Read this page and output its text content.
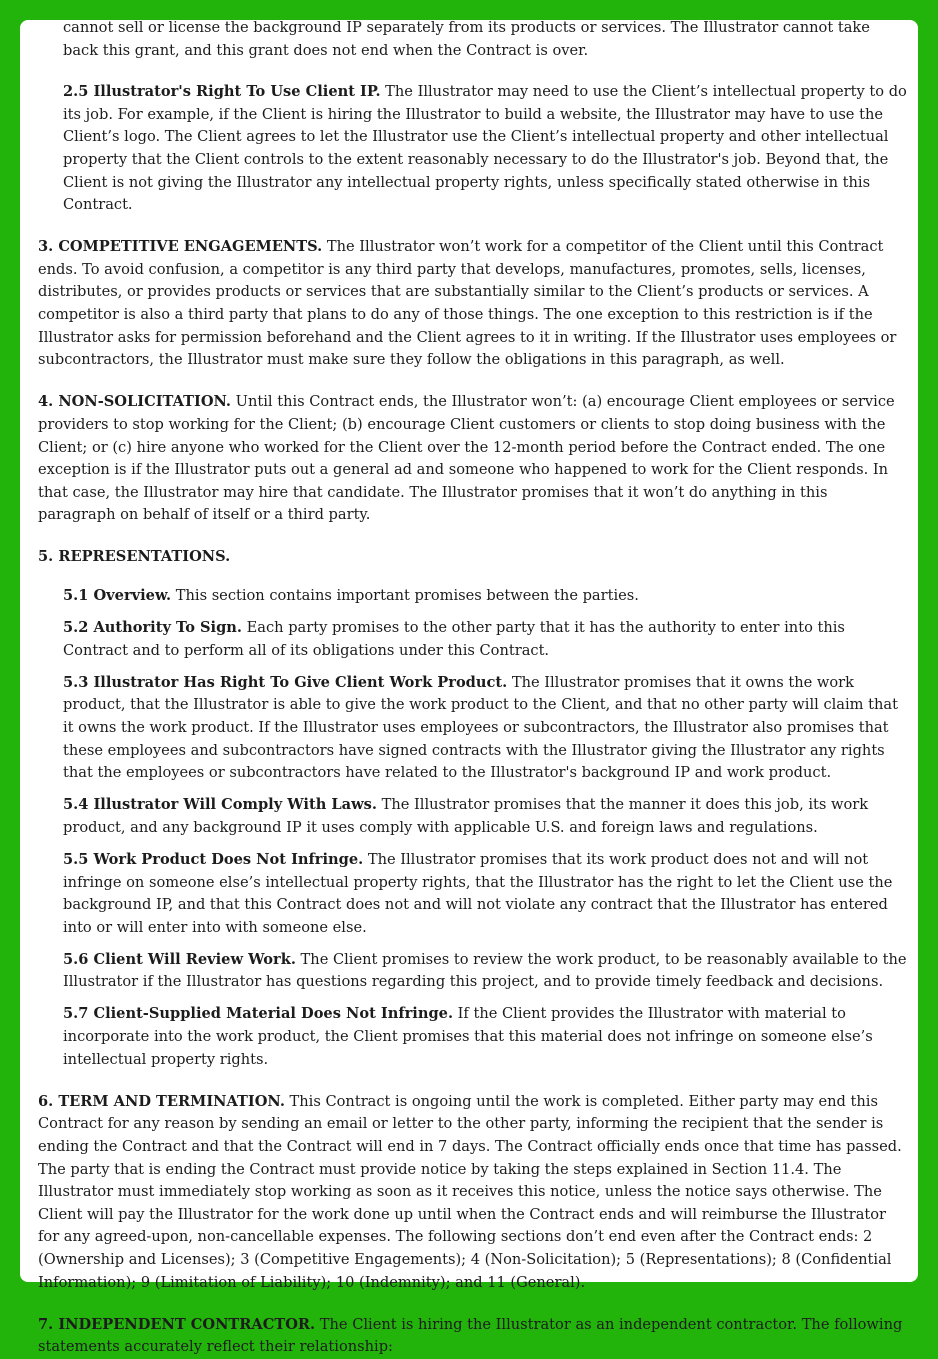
cannot sell or license the background IP separately from its products or services. The Illustrator cannot take back this grant, and this grant does not end when the Contract is over.

2.5 Illustrator's Right To Use Client IP. The Illustrator may need to use the Client’s intellectual property to do its job. For example, if the Client is hiring the Illustrator to build a website, the Illustrator may have to use the Client’s logo. The Client agrees to let the Illustrator use the Client’s intellectual property and other intellectual property that the Client controls to the extent reasonably necessary to do the Illustrator's job. Beyond that, the Client is not giving the Illustrator any intellectual property rights, unless specifically stated otherwise in this Contract.

3. COMPETITIVE ENGAGEMENTS. The Illustrator won’t work for a competitor of the Client until this Contract ends. To avoid confusion, a competitor is any third party that develops, manufactures, promotes, sells, licenses, distributes, or provides products or services that are substantially similar to the Client’s products or services. A competitor is also a third party that plans to do any of those things. The one exception to this restriction is if the Illustrator asks for permission beforehand and the Client agrees to it in writing. If the Illustrator uses employees or subcontractors, the Illustrator must make sure they follow the obligations in this paragraph, as well.

4. NON-SOLICITATION. Until this Contract ends, the Illustrator won’t: (a) encourage Client employees or service providers to stop working for the Client; (b) encourage Client customers or clients to stop doing business with the Client; or (c) hire anyone who worked for the Client over the 12-month period before the Contract ended. The one exception is if the Illustrator puts out a general ad and someone who happened to work for the Client responds. In that case, the Illustrator may hire that candidate. The Illustrator promises that it won’t do anything in this paragraph on behalf of itself or a third party.

5. REPRESENTATIONS.

5.1 Overview. This section contains important promises between the parties.

5.2 Authority To Sign. Each party promises to the other party that it has the authority to enter into this Contract and to perform all of its obligations under this Contract.

5.3 Illustrator Has Right To Give Client Work Product. The Illustrator promises that it owns the work product, that the Illustrator is able to give the work product to the Client, and that no other party will claim that it owns the work product. If the Illustrator uses employees or subcontractors, the Illustrator also promises that these employees and subcontractors have signed contracts with the Illustrator giving the Illustrator any rights that the employees or subcontractors have related to the Illustrator's background IP and work product.

5.4 Illustrator Will Comply With Laws. The Illustrator promises that the manner it does this job, its work product, and any background IP it uses comply with applicable U.S. and foreign laws and regulations.

5.5 Work Product Does Not Infringe. The Illustrator promises that its work product does not and will not infringe on someone else’s intellectual property rights, that the Illustrator has the right to let the Client use the background IP, and that this Contract does not and will not violate any contract that the Illustrator has entered into or will enter into with someone else.

5.6 Client Will Review Work. The Client promises to review the work product, to be reasonably available to the Illustrator if the Illustrator has questions regarding this project, and to provide timely feedback and decisions.

5.7 Client-Supplied Material Does Not Infringe. If the Client provides the Illustrator with material to incorporate into the work product, the Client promises that this material does not infringe on someone else’s intellectual property rights.

6. TERM AND TERMINATION. This Contract is ongoing until the work is completed. Either party may end this Contract for any reason by sending an email or letter to the other party, informing the recipient that the sender is ending the Contract and that the Contract will end in 7 days. The Contract officially ends once that time has passed. The party that is ending the Contract must provide notice by taking the steps explained in Section 11.4. The Illustrator must immediately stop working as soon as it receives this notice, unless the notice says otherwise. The Client will pay the Illustrator for the work done up until when the Contract ends and will reimburse the Illustrator for any agreed-upon, non-cancellable expenses. The following sections don’t end even after the Contract ends: 2 (Ownership and Licenses); 3 (Competitive Engagements); 4 (Non-Solicitation); 5 (Representations); 8 (Confidential Information); 9 (Limitation of Liability); 10 (Indemnity); and 11 (General).

7. INDEPENDENT CONTRACTOR. The Client is hiring the Illustrator as an independent contractor. The following statements accurately reflect their relationship:
